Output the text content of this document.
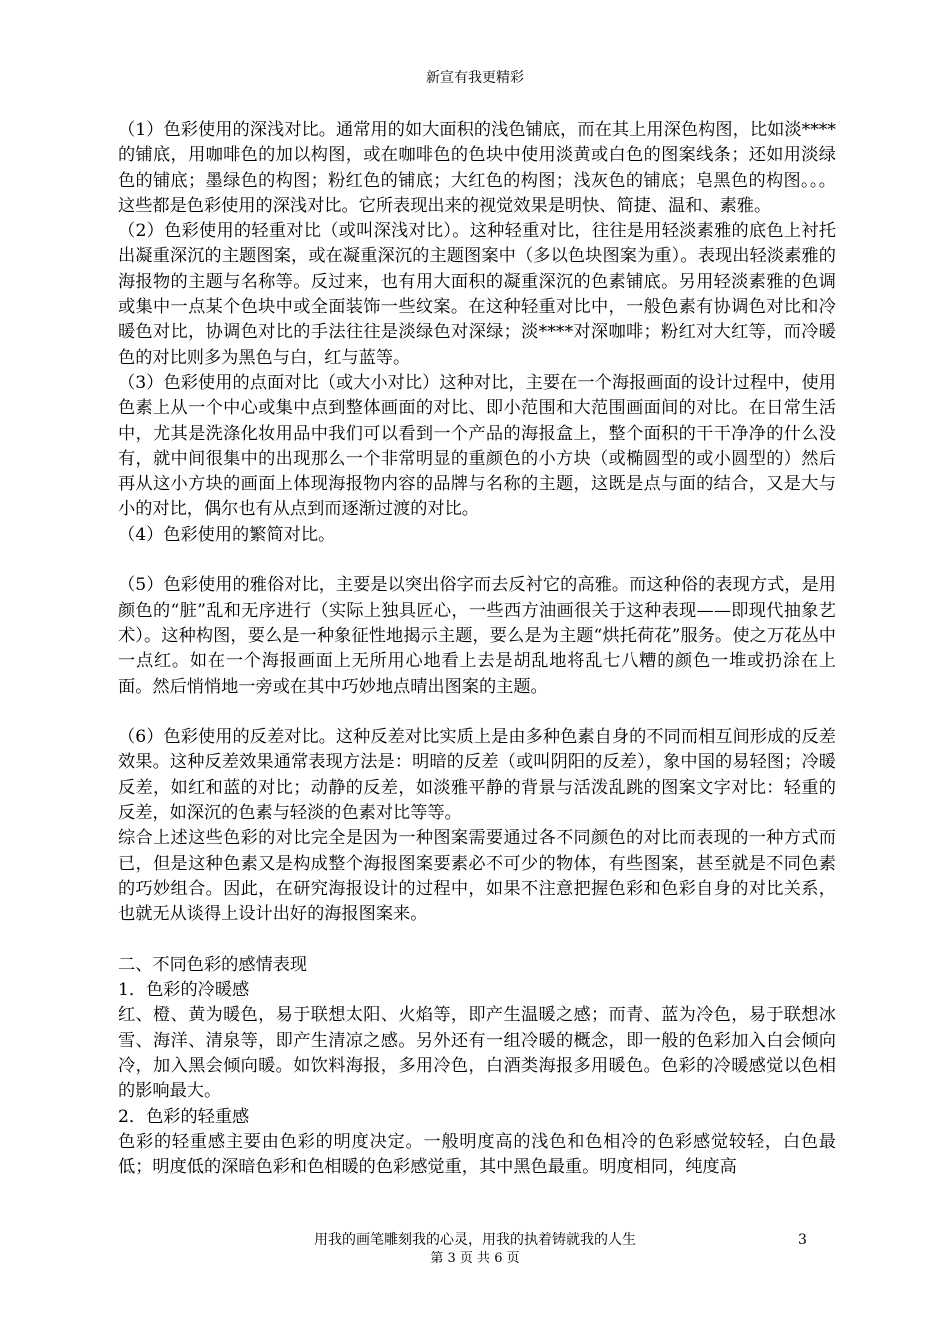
新宣有我更精彩

（1）色彩使用的深浅对比。通常用的如大面积的浅色铺底，而在其上用深色构图，比如淡****的铺底，用咖啡色的加以构图，或在咖啡色的色块中使用淡黄或白色的图案线条；还如用淡绿色的铺底；墨绿色的构图；粉红色的铺底；大红色的构图；浅灰色的铺底；皂黑色的构图。。。这些都是色彩使用的深浅对比。它所表现出来的视觉效果是明快、简捷、温和、素雅。

（2）色彩使用的轻重对比（或叫深浅对比）。这种轻重对比，往往是用轻淡素雅的底色上衬托出凝重深沉的主题图案，或在凝重深沉的主题图案中（多以色块图案为重）。表现出轻淡素雅的海报物的主题与名称等。反过来，也有用大面积的凝重深沉的色素铺底。另用轻淡素雅的色调或集中一点某个色块中或全面装饰一些纹案。在这种轻重对比中，一般色素有协调色对比和冷暖色对比，协调色对比的手法往往是淡绿色对深绿；淡****对深咖啡；粉红对大红等，而冷暖色的对比则多为黑色与白，红与蓝等。

（3）色彩使用的点面对比（或大小对比）这种对比，主要在一个海报画面的设计过程中，使用色素上从一个中心或集中点到整体画面的对比、即小范围和大范围画面间的对比。在日常生活中，尤其是洗涤化妆用品中我们可以看到一个产品的海报盒上，整个面积的干干净净的什么没有，就中间很集中的出现那么一个非常明显的重颜色的小方块（或椭圆型的或小圆型的）然后再从这小方块的画面上体现海报物内容的品牌与名称的主题，这既是点与面的结合，又是大与小的对比，偶尔也有从点到而逐渐过渡的对比。

（4）色彩使用的繁简对比。

（5）色彩使用的雅俗对比，主要是以突出俗字而去反衬它的高雅。而这种俗的表现方式，是用颜色的“脏”乱和无序进行（实际上独具匠心，一些西方油画很关于这种表现——即现代抽象艺术）。这种构图，要么是一种象征性地揭示主题，要么是为主题“烘托荷花”服务。使之万花丛中一点红。如在一个海报画面上无所用心地看上去是胡乱地将乱七八糟的颜色一堆或扔涂在上面。然后悄悄地一旁或在其中巧妙地点晴出图案的主题。

（6）色彩使用的反差对比。这种反差对比实质上是由多种色素自身的不同而相互间形成的反差效果。这种反差效果通常表现方法是：明暗的反差（或叫阴阳的反差），象中国的易轻图；冷暖反差，如红和蓝的对比；动静的反差，如淡雅平静的背景与活泼乱跳的图案文字对比：轻重的反差，如深沉的色素与轻淡的色素对比等等。

综合上述这些色彩的对比完全是因为一种图案需要通过各不同颜色的对比而表现的一种方式而已，但是这种色素又是构成整个海报图案要素必不可少的物体，有些图案，甚至就是不同色素的巧妙组合。因此，在研究海报设计的过程中，如果不注意把握色彩和色彩自身的对比关系，也就无从谈得上设计出好的海报图案来。

二、不同色彩的感情表现

1．色彩的冷暖感

红、橙、黄为暖色，易于联想太阳、火焰等，即产生温暖之感；而青、蓝为冷色，易于联想冰雪、海洋、清泉等，即产生清凉之感。另外还有一组冷暖的概念，即一般的色彩加入白会倾向冷，加入黑会倾向暖。如饮料海报，多用冷色，白酒类海报多用暖色。色彩的冷暖感觉以色相的影响最大。

2．色彩的轻重感

色彩的轻重感主要由色彩的明度决定。一般明度高的浅色和色相冷的色彩感觉较轻，白色最低；明度低的深暗色彩和色相暖的色彩感觉重，其中黑色最重。明度相同，纯度高

用我的画笔雕刻我的心灵，用我的执着铸就我的人生	3
第 3 页 共 6 页
